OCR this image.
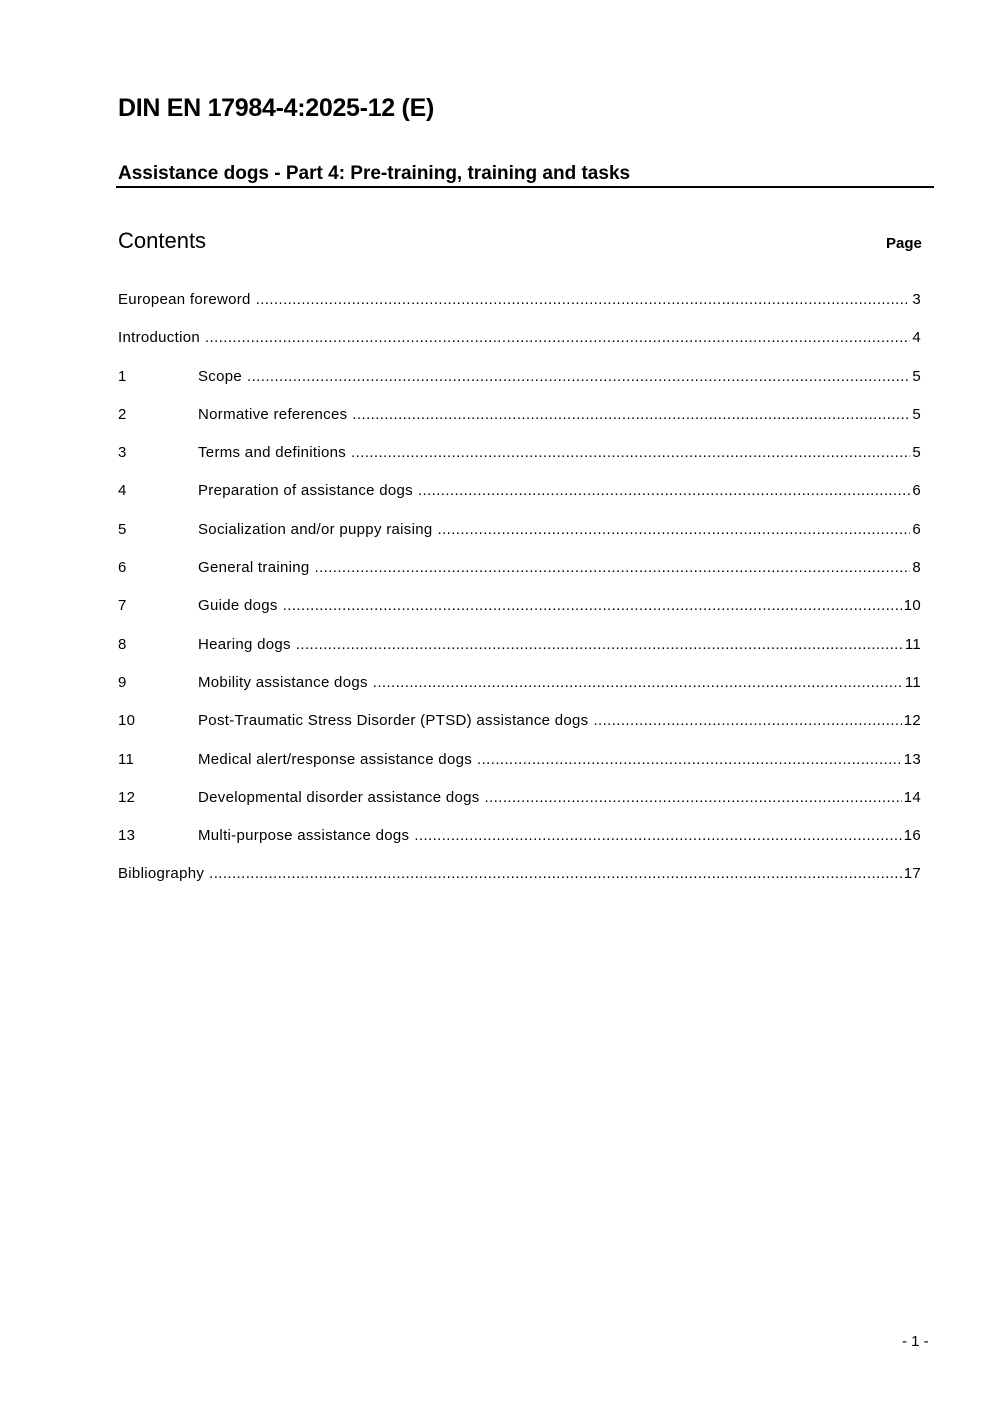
DIN EN 17984-4:2025-12 (E)
Assistance dogs - Part 4: Pre-training, training and tasks
Contents	Page
European foreword .....	3
Introduction .....	4
1	Scope .....	5
2	Normative references .....	5
3	Terms and definitions .....	5
4	Preparation of assistance dogs .....	6
5	Socialization and/or puppy raising .....	6
6	General training .....	8
7	Guide dogs .....	10
8	Hearing dogs .....	11
9	Mobility assistance dogs .....	11
10	Post-Traumatic Stress Disorder (PTSD) assistance dogs .....	12
11	Medical alert/response assistance dogs .....	13
12	Developmental disorder assistance dogs .....	14
13	Multi-purpose assistance dogs .....	16
Bibliography .....	17
- 1 -
